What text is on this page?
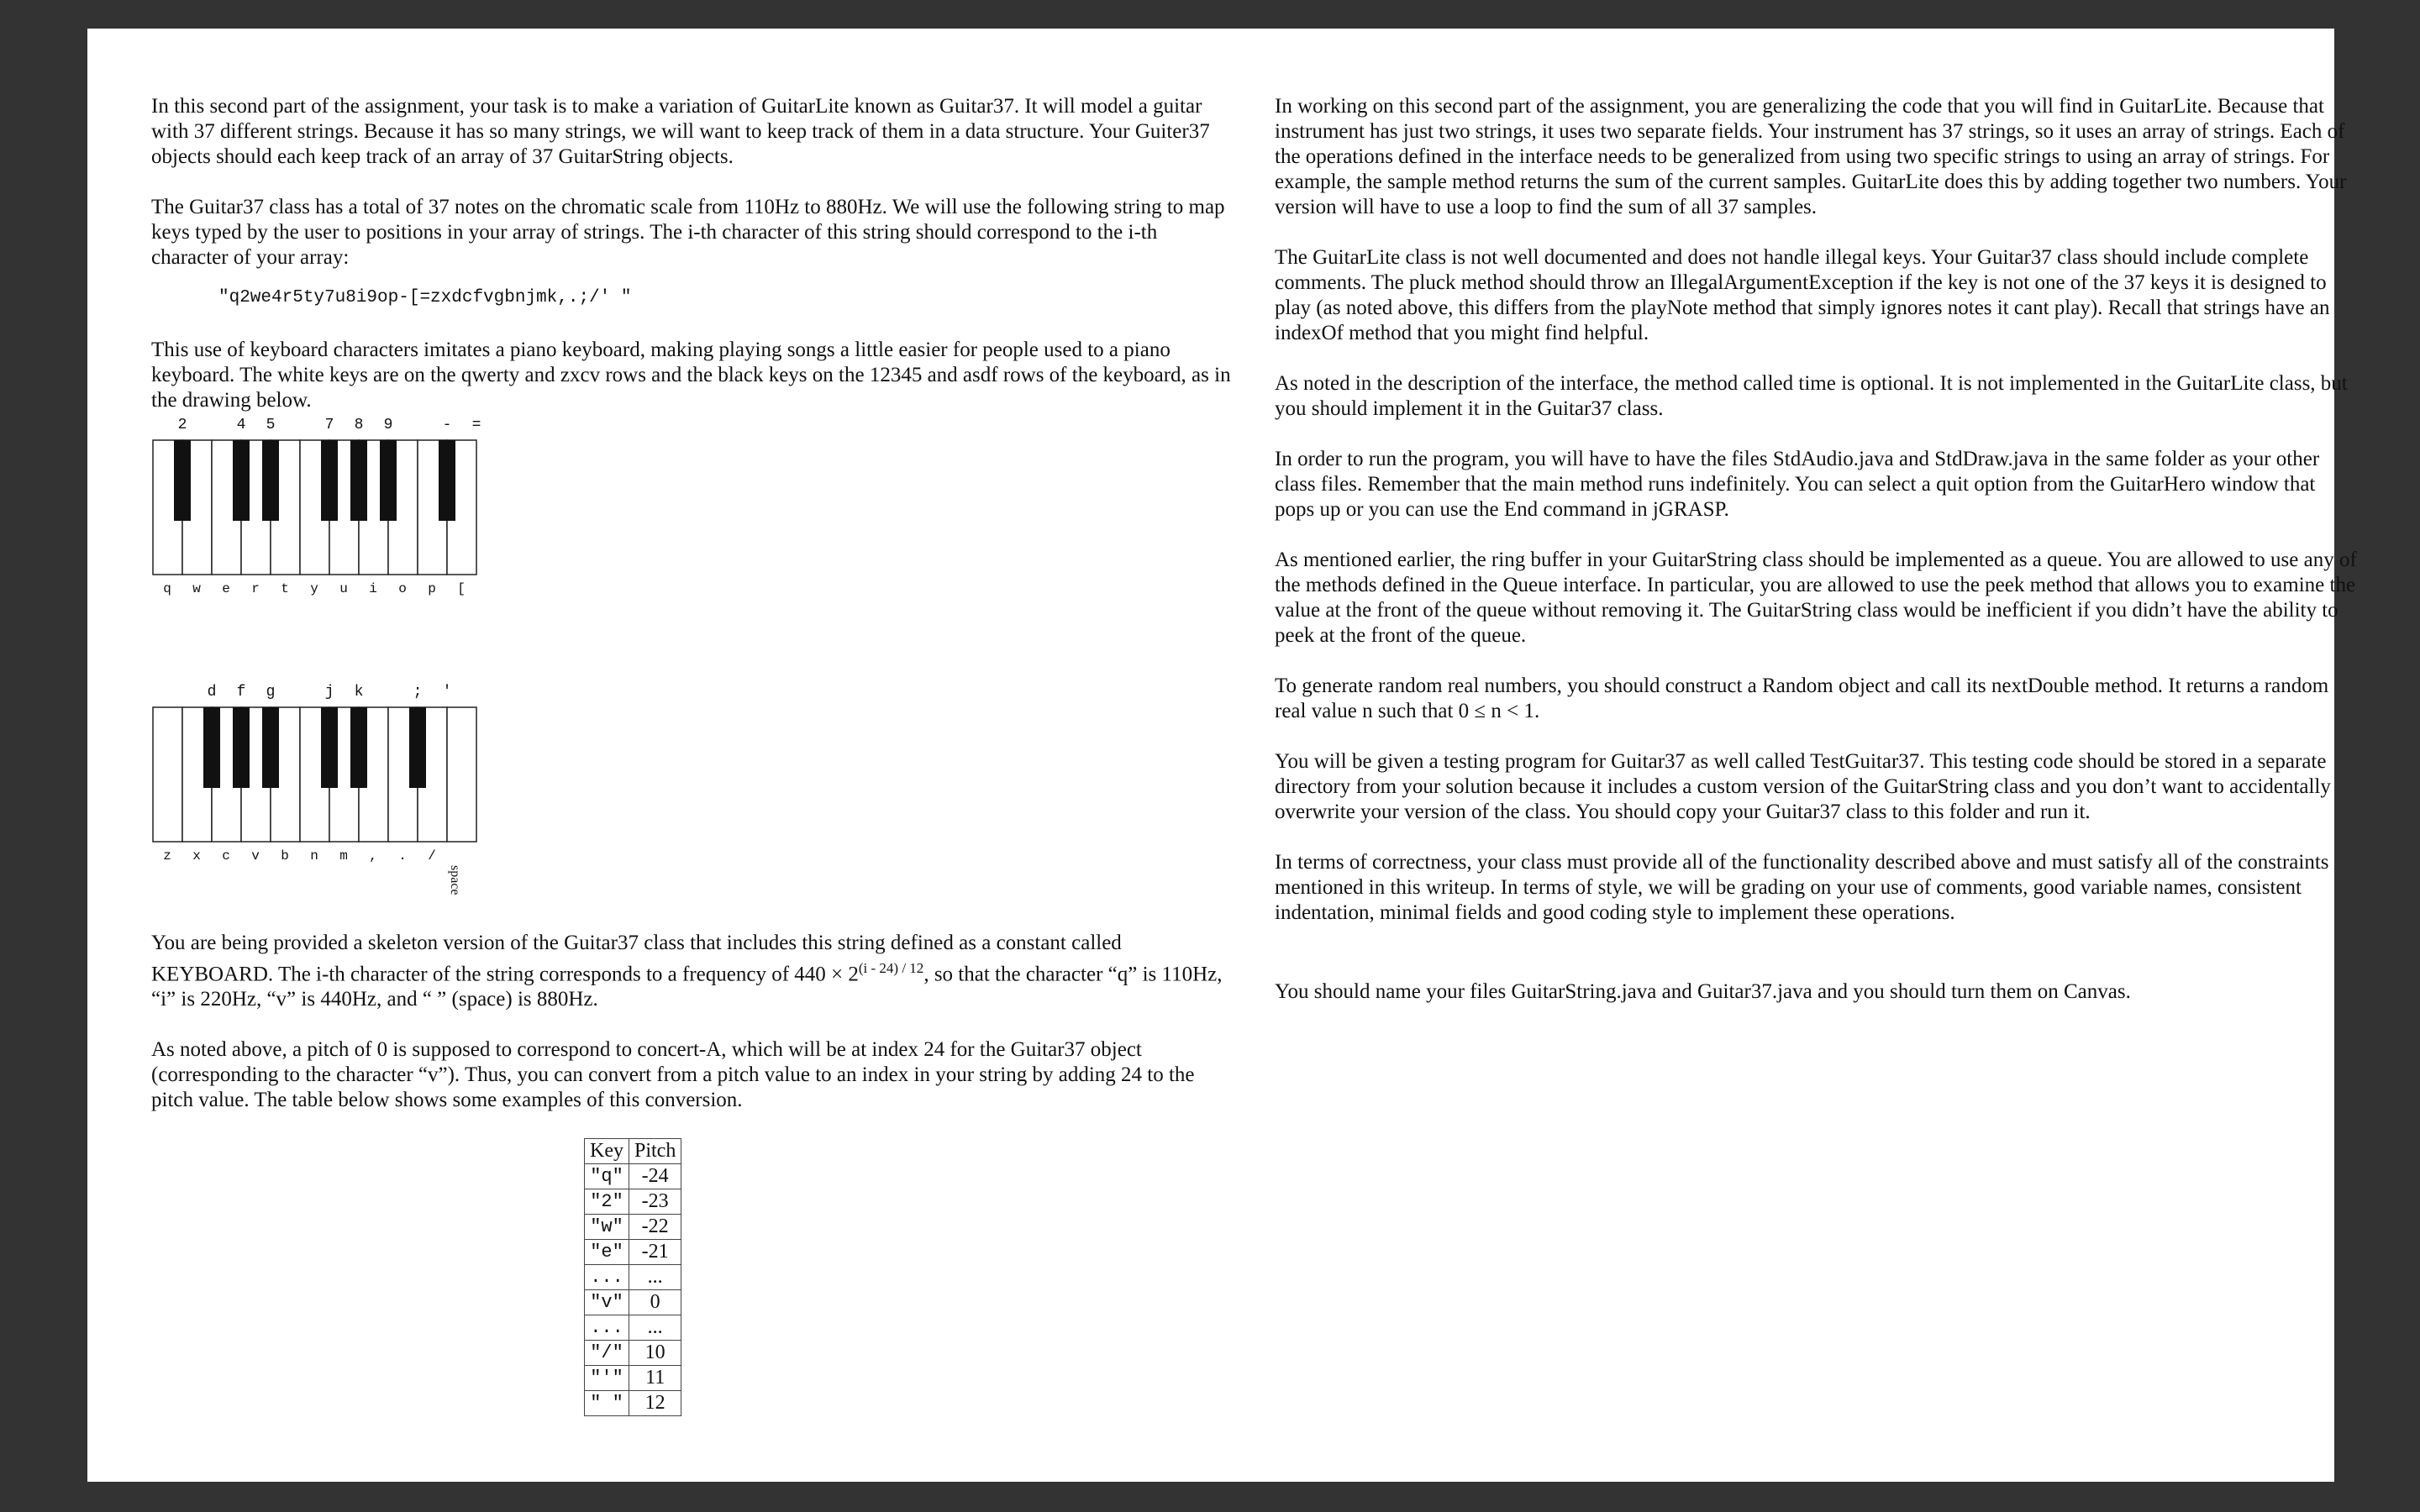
In this second part of the assignment, your task is to make a variation of GuitarLite known as Guitar37. It will model a guitar with 37 different strings. Because it has so many strings, we will want to keep track of them in a data structure. Your Guiter37 objects should each keep track of an array of 37 GuitarString objects.

The Guitar37 class has a total of 37 notes on the chromatic scale from 110Hz to 880Hz. We will use the following string to map keys typed by the user to positions in your array of strings. The i-th character of this string should correspond to the i-th character of your array:

"q2we4r5ty7u8i9op-[=zxdcfvgbnjmk,.;/' "

This use of keyboard characters imitates a piano keyboard, making playing songs a little easier for people used to a piano keyboard. The white keys are on the qwerty and zxcv rows and the black keys on the 12345 and asdf rows of the keyboard, as in the drawing below.

2	4 5	7 8 9	- =
q w e r t y u i o p [
d f g	j k	; '
z x c v b n m , . /
space

You are being provided a skeleton version of the Guitar37 class that includes this string defined as a constant called KEYBOARD. The i-th character of the string corresponds to a frequency of $440 \times 2^{(i - 24) / 12}$, so that the character “q” is 110Hz, “i” is 220Hz, “v” is 440Hz, and “ ” (space) is 880Hz.

As noted above, a pitch of 0 is supposed to correspond to concert-A, which will be at index 24 for the Guitar37 object (corresponding to the character “v”). Thus, you can convert from a pitch value to an index in your string by adding 24 to the pitch value. The table below shows some examples of this conversion.

Key	Pitch
"q"	-24
"2"	-23
"w"	-22
"e"	-21
...	...
"v"	0
...	...
"/"	10
"'"	11
" "	12

In working on this second part of the assignment, you are generalizing the code that you will find in GuitarLite. Because that instrument has just two strings, it uses two separate fields. Your instrument has 37 strings, so it uses an array of strings. Each of the operations defined in the interface needs to be generalized from using two specific strings to using an array of strings. For example, the sample method returns the sum of the current samples. GuitarLite does this by adding together two numbers. Your version will have to use a loop to find the sum of all 37 samples.

The GuitarLite class is not well documented and does not handle illegal keys. Your Guitar37 class should include complete comments. The pluck method should throw an IllegalArgumentException if the key is not one of the 37 keys it is designed to play (as noted above, this differs from the playNote method that simply ignores notes it cant play). Recall that strings have an indexOf method that you might find helpful.

As noted in the description of the interface, the method called time is optional. It is not implemented in the GuitarLite class, but you should implement it in the Guitar37 class.

In order to run the program, you will have to have the files StdAudio.java and StdDraw.java in the same folder as your other class files. Remember that the main method runs indefinitely. You can select a quit option from the GuitarHero window that pops up or you can use the End command in jGRASP.

As mentioned earlier, the ring buffer in your GuitarString class should be implemented as a queue. You are allowed to use any of the methods defined in the Queue interface. In particular, you are allowed to use the peek method that allows you to examine the value at the front of the queue without removing it. The GuitarString class would be inefficient if you didn’t have the ability to peek at the front of the queue.

To generate random real numbers, you should construct a Random object and call its nextDouble method. It returns a random real value n such that 0 ≤ n < 1.

You will be given a testing program for Guitar37 as well called TestGuitar37. This testing code should be stored in a separate directory from your solution because it includes a custom version of the GuitarString class and you don’t want to accidentally overwrite your version of the class. You should copy your Guitar37 class to this folder and run it.

In terms of correctness, your class must provide all of the functionality described above and must satisfy all of the constraints mentioned in this writeup. In terms of style, we will be grading on your use of comments, good variable names, consistent indentation, minimal fields and good coding style to implement these operations.

You should name your files GuitarString.java and Guitar37.java and you should turn them on Canvas.
